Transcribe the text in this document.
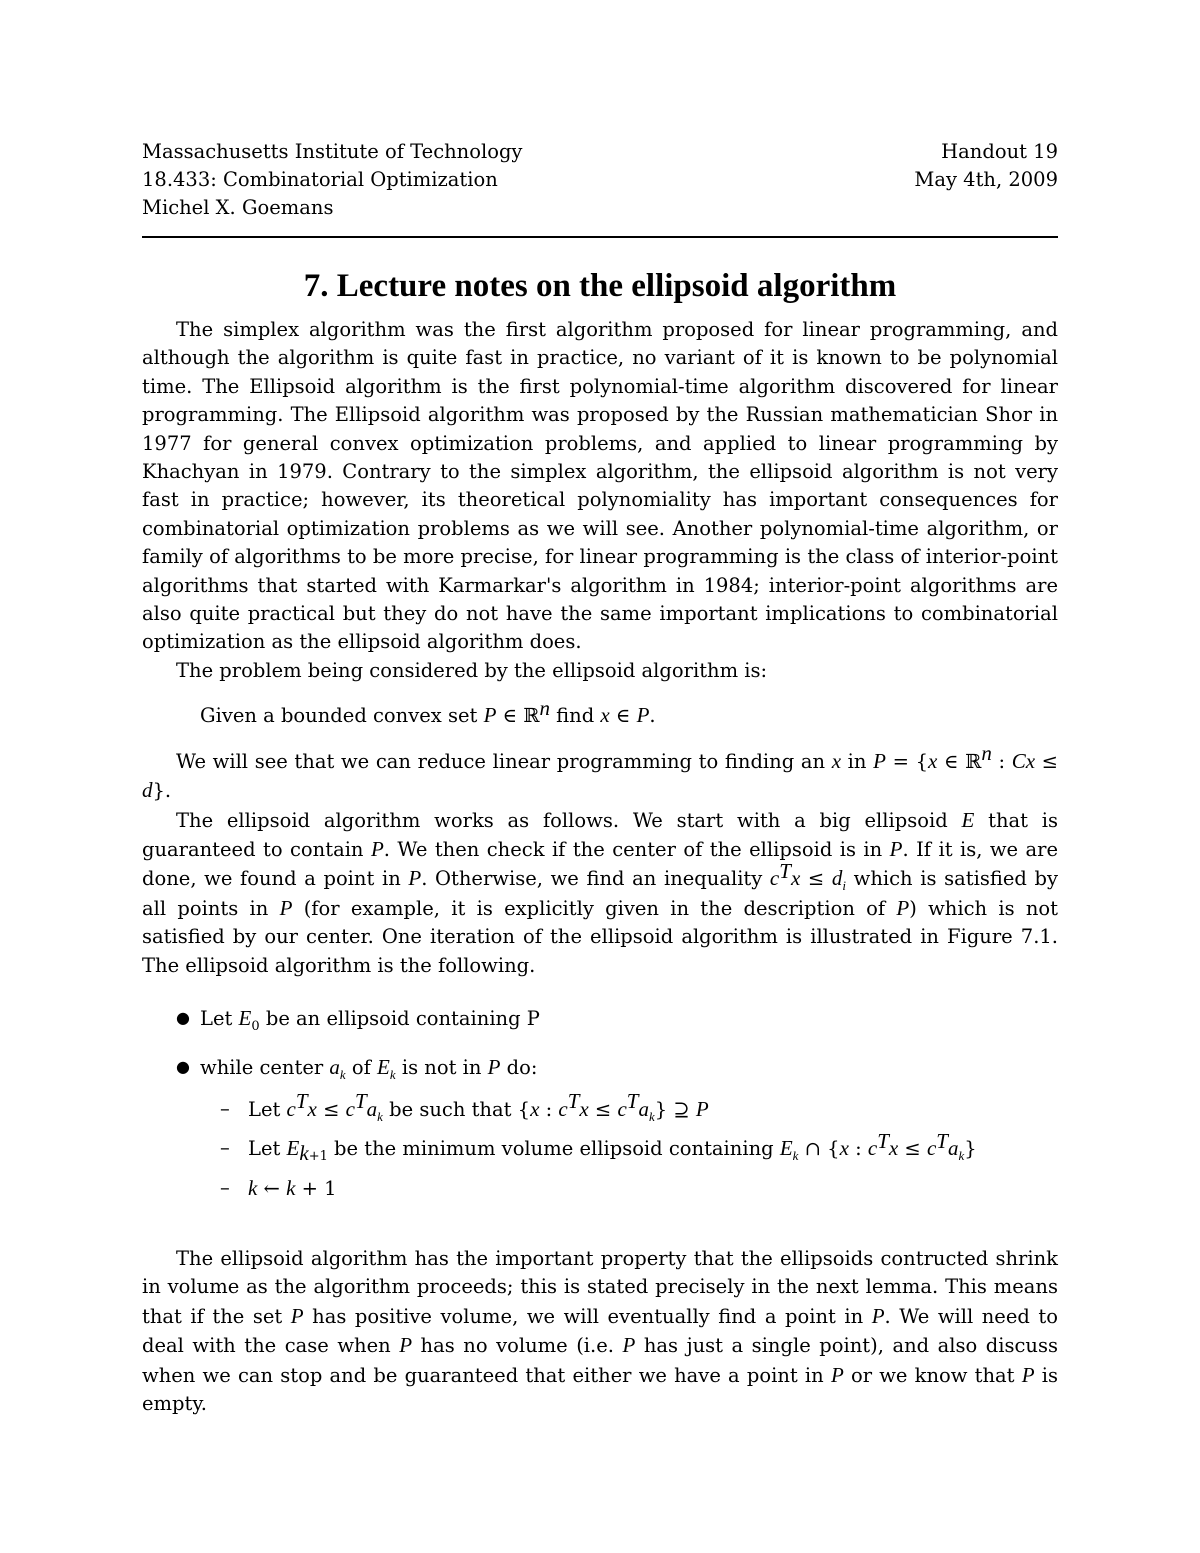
Massachusetts Institute of Technology	Handout 19
18.433: Combinatorial Optimization	May 4th, 2009
Michel X. Goemans
7. Lecture notes on the ellipsoid algorithm

The simplex algorithm was the first algorithm proposed for linear programming, and although the algorithm is quite fast in practice, no variant of it is known to be polynomial time. The Ellipsoid algorithm is the first polynomial-time algorithm discovered for linear programming. The Ellipsoid algorithm was proposed by the Russian mathematician Shor in 1977 for general convex optimization problems, and applied to linear programming by Khachyan in 1979. Contrary to the simplex algorithm, the ellipsoid algorithm is not very fast in practice; however, its theoretical polynomiality has important consequences for combinatorial optimization problems as we will see. Another polynomial-time algorithm, or family of algorithms to be more precise, for linear programming is the class of interior-point algorithms that started with Karmarkar's algorithm in 1984; interior-point algorithms are also quite practical but they do not have the same important implications to combinatorial optimization as the ellipsoid algorithm does.

The problem being considered by the ellipsoid algorithm is:

Given a bounded convex set P ∈ ℝ$^n$ find x ∈ P.

We will see that we can reduce linear programming to finding an x in P = {x ∈ ℝ$^n$ : Cx ≤ d}.

The ellipsoid algorithm works as follows. We start with a big ellipsoid E that is guaranteed to contain P. We then check if the center of the ellipsoid is in P. If it is, we are done, we found a point in P. Otherwise, we find an inequality $c^Tx \le d_i$ which is satisfied by all points in P (for example, it is explicitly given in the description of P) which is not satisfied by our center. One iteration of the ellipsoid algorithm is illustrated in Figure 7.1. The ellipsoid algorithm is the following.

● Let $E_0$ be an ellipsoid containing P
● while center $a_k$ of $E_k$ is not in P do:
– Let $c^Tx \le c^Ta_k$ be such that {x : $c^Tx \le c^Ta_k$} ⊇ P
– Let $E_{k+1}$ be the minimum volume ellipsoid containing $E_k$ ∩ {x : $c^Tx \le c^Ta_k$}
– k ← k + 1

The ellipsoid algorithm has the important property that the ellipsoids contructed shrink in volume as the algorithm proceeds; this is stated precisely in the next lemma. This means that if the set P has positive volume, we will eventually find a point in P. We will need to deal with the case when P has no volume (i.e. P has just a single point), and also discuss when we can stop and be guaranteed that either we have a point in P or we know that P is empty.
